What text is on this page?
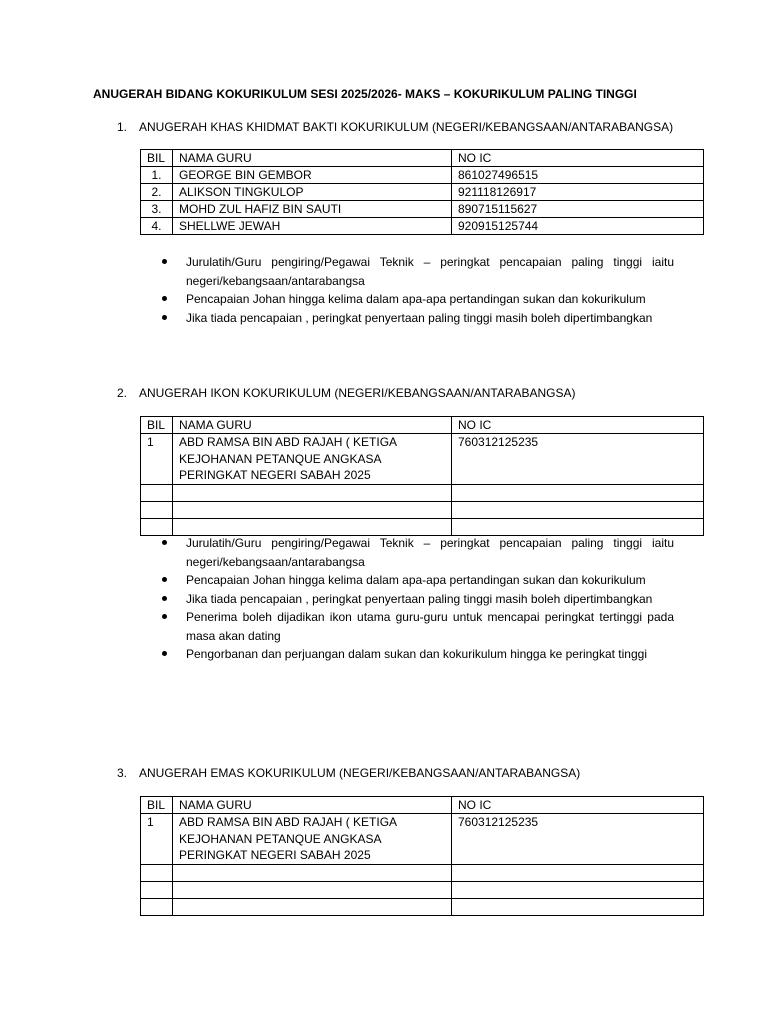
ANUGERAH BIDANG KOKURIKULUM SESI 2025/2026- MAKS – KOKURIKULUM PALING TINGGI
1. ANUGERAH KHAS KHIDMAT BAKTI KOKURIKULUM (NEGERI/KEBANGSAAN/ANTARABANGSA)
BIL	NAMA GURU	NO IC
1.	GEORGE BIN GEMBOR	861027496515
2.	ALIKSON TINGKULOP	921118126917
3.	MOHD ZUL HAFIZ BIN SAUTI	890715115627
4.	SHELLWE JEWAH	920915125744
Jurulatih/Guru pengiring/Pegawai Teknik – peringkat pencapaian paling tinggi iaitu negeri/kebangsaan/antarabangsa
Pencapaian Johan hingga kelima dalam apa-apa pertandingan sukan dan kokurikulum
Jika tiada pencapaian , peringkat penyertaan paling tinggi masih boleh dipertimbangkan
2. ANUGERAH IKON KOKURIKULUM (NEGERI/KEBANGSAAN/ANTARABANGSA)
BIL	NAMA GURU	NO IC
1	ABD RAMSA BIN ABD RAJAH ( KETIGA KEJOHANAN PETANQUE ANGKASA PERINGKAT NEGERI SABAH 2025	760312125235

Jurulatih/Guru pengiring/Pegawai Teknik – peringkat pencapaian paling tinggi iaitu negeri/kebangsaan/antarabangsa
Pencapaian Johan hingga kelima dalam apa-apa pertandingan sukan dan kokurikulum
Jika tiada pencapaian , peringkat penyertaan paling tinggi masih boleh dipertimbangkan
Penerima boleh dijadikan ikon utama guru-guru untuk mencapai peringkat tertinggi pada masa akan dating
Pengorbanan dan perjuangan dalam sukan dan kokurikulum hingga ke peringkat tinggi
3. ANUGERAH EMAS KOKURIKULUM (NEGERI/KEBANGSAAN/ANTARABANGSA)
BIL	NAMA GURU	NO IC
1	ABD RAMSA BIN ABD RAJAH ( KETIGA KEJOHANAN PETANQUE ANGKASA PERINGKAT NEGERI SABAH 2025	760312125235
